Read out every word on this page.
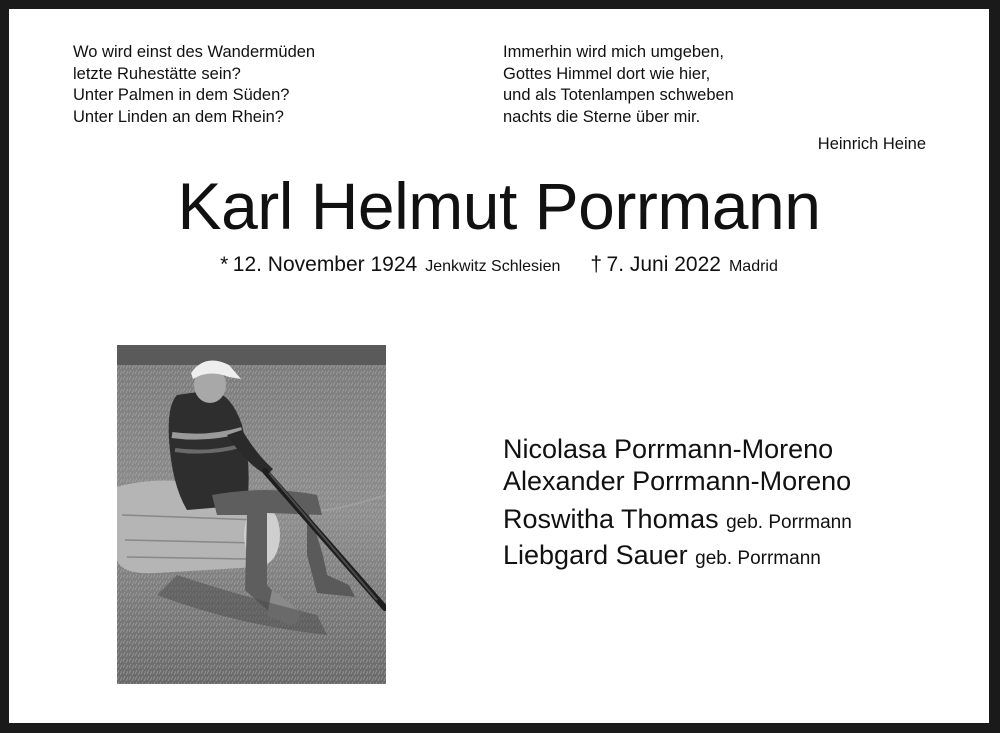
Wo wird einst des Wandermüden
letzte Ruhestätte sein?
Unter Palmen in dem Süden?
Unter Linden an dem Rhein?
Immerhin wird mich umgeben,
Gottes Himmel dort wie hier,
und als Totenlampen schweben
nachts die Sterne über mir.
Heinrich Heine
Karl Helmut Porrmann
* 12. November 1924 Jenkwitz Schlesien † 7. Juni 2022 Madrid
Nicolasa Porrmann-Moreno
Alexander Porrmann-Moreno
Roswitha Thomas geb. Porrmann
Liebgard Sauer geb. Porrmann
